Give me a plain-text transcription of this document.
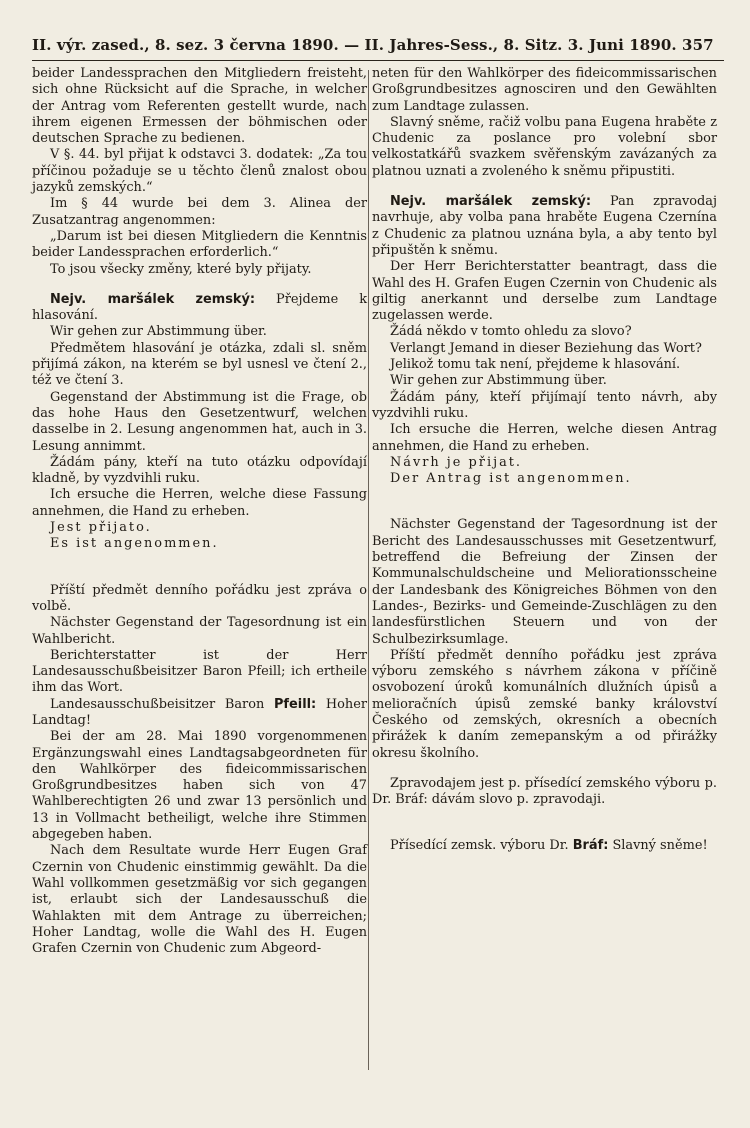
II. výr. zased., 8. sez. 3 června 1890. — II. Jahres-Sess., 8. Sitz. 3. Juni 1890. 357

beider Landessprachen den Mitgliedern freisteht, sich ohne Rücksicht auf die Sprache, in welcher der Antrag vom Referenten gestellt wurde, nach ihrem eigenen Ermessen der böhmischen oder deutschen Sprache zu bedienen.

V §. 44. byl přijat k odstavci 3. dodatek: „Za tou příčinou požaduje se u těchto členů znalost obou jazyků zemských.“

Im § 44 wurde bei dem 3. Alinea der Zusatzantrag angenommen:

„Darum ist bei diesen Mitgliedern die Kenntnis beider Landessprachen erforderlich.“

To jsou všecky změny, které byly přijaty.

Nejv. maršálek zemský: Přejdeme k hlasování.

Wir gehen zur Abstimmung über.

Předmětem hlasování je otázka, zdali sl. sněm přijímá zákon, na kterém se byl usnesl ve čtení 2., též ve čtení 3.

Gegenstand der Abstimmung ist die Frage, ob das hohe Haus den Gesetzentwurf, welchen dasselbe in 2. Lesung angenommen hat, auch in 3. Lesung annimmt.

Žádám pány, kteří na tuto otázku odpovídají kladně, by vyzdvihli ruku.

Ich ersuche die Herren, welche diese Fassung annehmen, die Hand zu erheben.

Jest přijato.

Es ist angenommen.

Příští předmět denního pořádku jest zpráva o volbě.

Nächster Gegenstand der Tagesordnung ist ein Wahlbericht.

Berichterstatter ist der Herr Landesausschußbeisitzer Baron Pfeill; ich ertheile ihm das Wort.

Landesausschußbeisitzer Baron Pfeill: Hoher Landtag!

Bei der am 28. Mai 1890 vorgenommenen Ergänzungswahl eines Landtagsabgeordneten für den Wahlkörper des fideicommissarischen Großgrundbesitzes haben sich von 47 Wahlberechtigten 26 und zwar 13 persönlich und 13 in Vollmacht betheiligt, welche ihre Stimmen abgegeben haben.

Nach dem Resultate wurde Herr Eugen Graf Czernin von Chudenic einstimmig gewählt. Da die Wahl vollkommen gesetzmäßig vor sich gegangen ist, erlaubt sich der Landesausschuß die Wahlakten mit dem Antrage zu überreichen; Hoher Landtag, wolle die Wahl des H. Eugen Grafen Czernin von Chudenic zum Abgeord-

neten für den Wahlkörper des fideicommissarischen Großgrundbesitzes agnosciren und den Gewählten zum Landtage zulassen.

Slavný sněme, račiž volbu pana Eugena hraběte z Chudenic za poslance pro volební sbor velkostatkářů svazkem svěřenským zavázaných za platnou uznati a zvoleného k sněmu připustiti.

Nejv. maršálek zemský: Pan zpravodaj navrhuje, aby volba pana hraběte Eugena Czernína z Chudenic za platnou uznána byla, a aby tento byl připuštěn k sněmu.

Der Herr Berichterstatter beantragt, dass die Wahl des H. Grafen Eugen Czernin von Chudenic als giltig anerkannt und derselbe zum Landtage zugelassen werde.

Žádá někdo v tomto ohledu za slovo?

Verlangt Jemand in dieser Beziehung das Wort?

Jelikož tomu tak není, přejdeme k hlasování.

Wir gehen zur Abstimmung über.

Žádám pány, kteří přijímají tento návrh, aby vyzdvihli ruku.

Ich ersuche die Herren, welche diesen Antrag annehmen, die Hand zu erheben.

Návrh je přijat.

Der Antrag ist angenommen.

Nächster Gegenstand der Tagesordnung ist der Bericht des Landesausschusses mit Gesetzentwurf, betreffend die Befreiung der Zinsen der Kommunalschuldscheine und Meliorationsscheine der Landesbank des Königreiches Böhmen von den Landes-, Bezirks- und Gemeinde-Zuschlägen zu den landesfürstlichen Steuern und von der Schulbezirksumlage.

Příští předmět denního pořádku jest zpráva výboru zemského s návrhem zákona v příčině osvobození úroků komunálních dlužních úpisů a melioračních úpisů zemské banky království Českého od zemských, okresních a obecních přirážek k daním zemepanským a od přirážky okresu školního.

Zpravodajem jest p. přísedící zemského výboru p. Dr. Bráf: dávám slovo p. zpravodaji.

Přísedící zemsk. výboru Dr. Bráf: Slavný sněme!
